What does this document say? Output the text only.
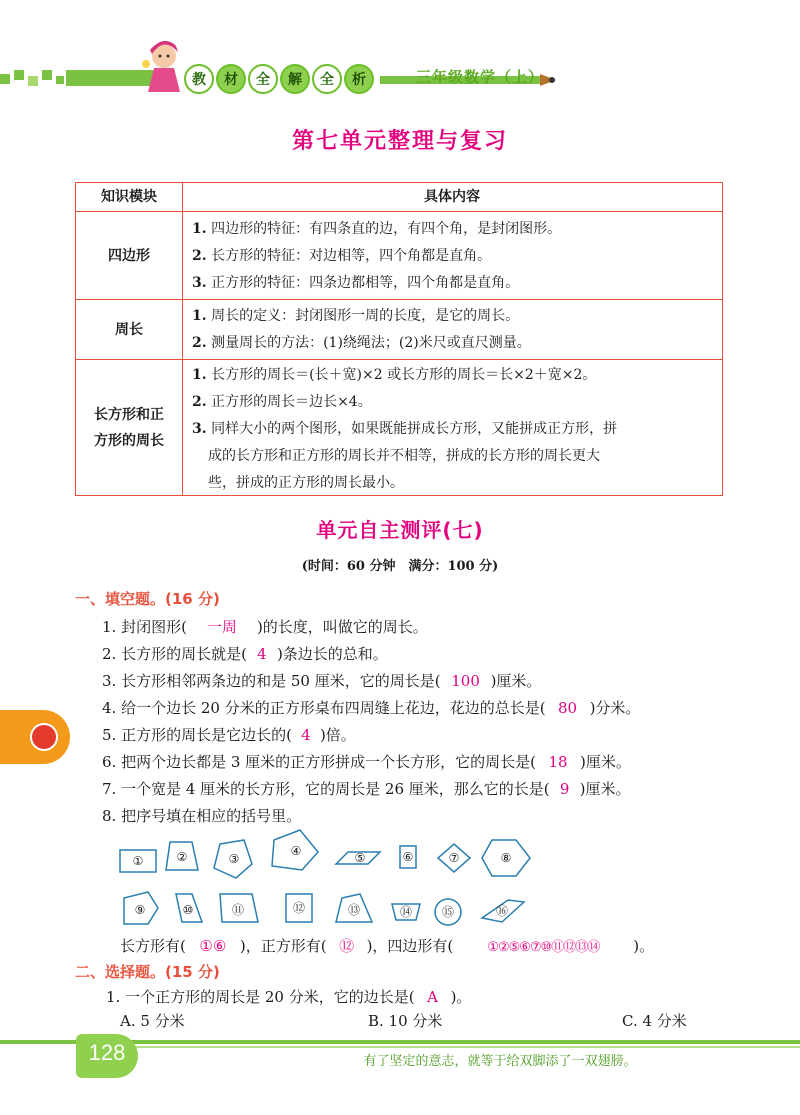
教	材	全	解	全	析	三年级数学（上）
第七单元整理与复习
知识模块	具体内容
四边形
1. 四边形的特征：有四条直的边，有四个角，是封闭图形。
2. 长方形的特征：对边相等，四个角都是直角。
3. 正方形的特征：四条边都相等，四个角都是直角。
周长
1. 周长的定义：封闭图形一周的长度，是它的周长。
2. 测量周长的方法：(1)绕绳法；(2)米尺或直尺测量。
长方形和正
方形的周长
1. 长方形的周长＝(长＋宽)×2 或长方形的周长＝长×2＋宽×2。
2. 正方形的周长＝边长×4。
3. 同样大小的两个图形，如果既能拼成长方形，又能拼成正方形，拼
成的长方形和正方形的周长并不相等，拼成的长方形的周长更大
些，拼成的正方形的周长最小。
单元自主测评(七)
(时间：60 分钟　满分：100 分)
一、填空题。(16 分)
1. 封闭图形( 一周 )的长度，叫做它的周长。
2. 长方形的周长就是( 4 )条边长的总和。
3. 长方形相邻两条边的和是 50 厘米，它的周长是( 100 )厘米。
4. 给一个边长 20 分米的正方形桌布四周缝上花边，花边的总长是( 80 )分米。
5. 正方形的周长是它边长的( 4 )倍。
6. 把两个边长都是 3 厘米的正方形拼成一个长方形，它的周长是( 18 )厘米。
7. 一个宽是 4 厘米的长方形，它的周长是 26 厘米，那么它的长是( 9 )厘米。
8. 把序号填在相应的括号里。
①	②	③
④	⑤	⑥	⑦	⑧
⑨	⑩	⑪	⑫	⑬	⑭ ⑮	⑯
长方形有( ①⑥ )，正方形有( ⑫ )，四边形有(	①②⑤⑥⑦⑩⑪⑫⑬⑭ )。
二、选择题。(15 分)
1. 一个正方形的周长是 20 分米，它的边长是( A )。
A. 5 分米	B. 10 分米	C. 4 分米
128	有了坚定的意志，就等于给双脚添了一双翅膀。
